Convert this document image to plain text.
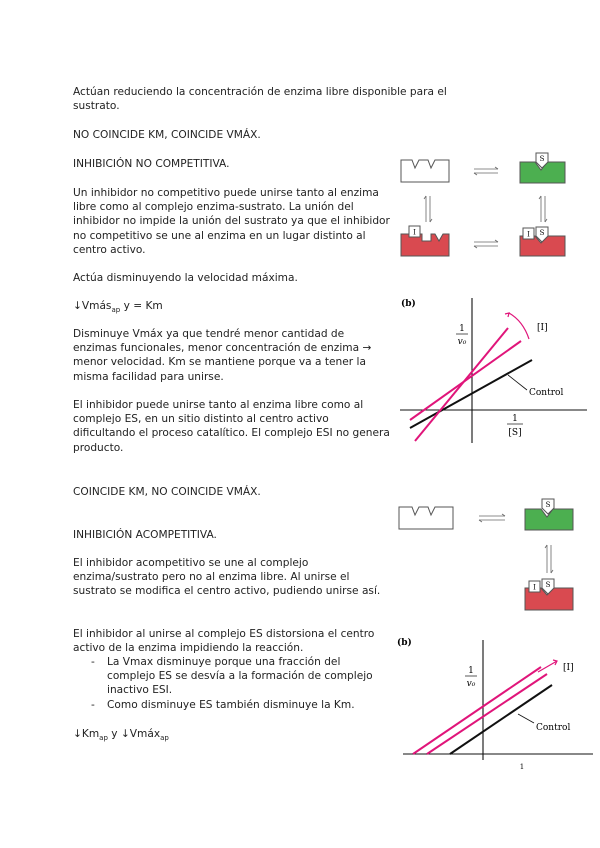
Actúan reduciendo la concentración de enzima libre disponible para el sustrato.

NO COINCIDE KM, COINCIDE VMÁX.

INHIBICIÓN NO COMPETITIVA.

Un inhibidor no competitivo puede unirse tanto al enzima libre como al complejo enzima-sustrato. La unión del inhibidor no impide la unión del sustrato ya que el inhibidor no competitivo se une al enzima en un lugar distinto al centro activo.

Actúa disminuyendo la velocidad máxima.

↓Vmás$_{ap}$ y = Km

Disminuye Vmáx ya que tendré menor cantidad de enzimas funcionales, menor concentración de enzima → menor velocidad. Km se mantiene porque va a tener la misma facilidad para unirse.

El inhibidor puede unirse tanto al enzima libre como al complejo ES, en un sitio distinto al centro activo dificultando el proceso catalítico. El complejo ESI no genera producto.

S
I	I S
(b)
1
v₀
1
[S]
[I]
Control

COINCIDE KM, NO COINCIDE VMÁX.

INHIBICIÓN ACOMPETITIVA.

El inhibidor acompetitivo se une al complejo enzima/sustrato pero no al enzima libre. Al unirse el sustrato se modifica el centro activo, pudiendo unirse así.

El inhibidor al unirse al complejo ES distorsiona el centro activo de la enzima impidiendo la reacción.

- La Vmax disminuye porque una fracción del complejo ES se desvía a la formación de complejo inactivo ESI.
- Como disminuye ES también disminuye la Km.

$↓Km_{ap}$ y ↓Vmáx$_{ap}$

S
I S
(b)
1
v₀
1
[I]
Control
